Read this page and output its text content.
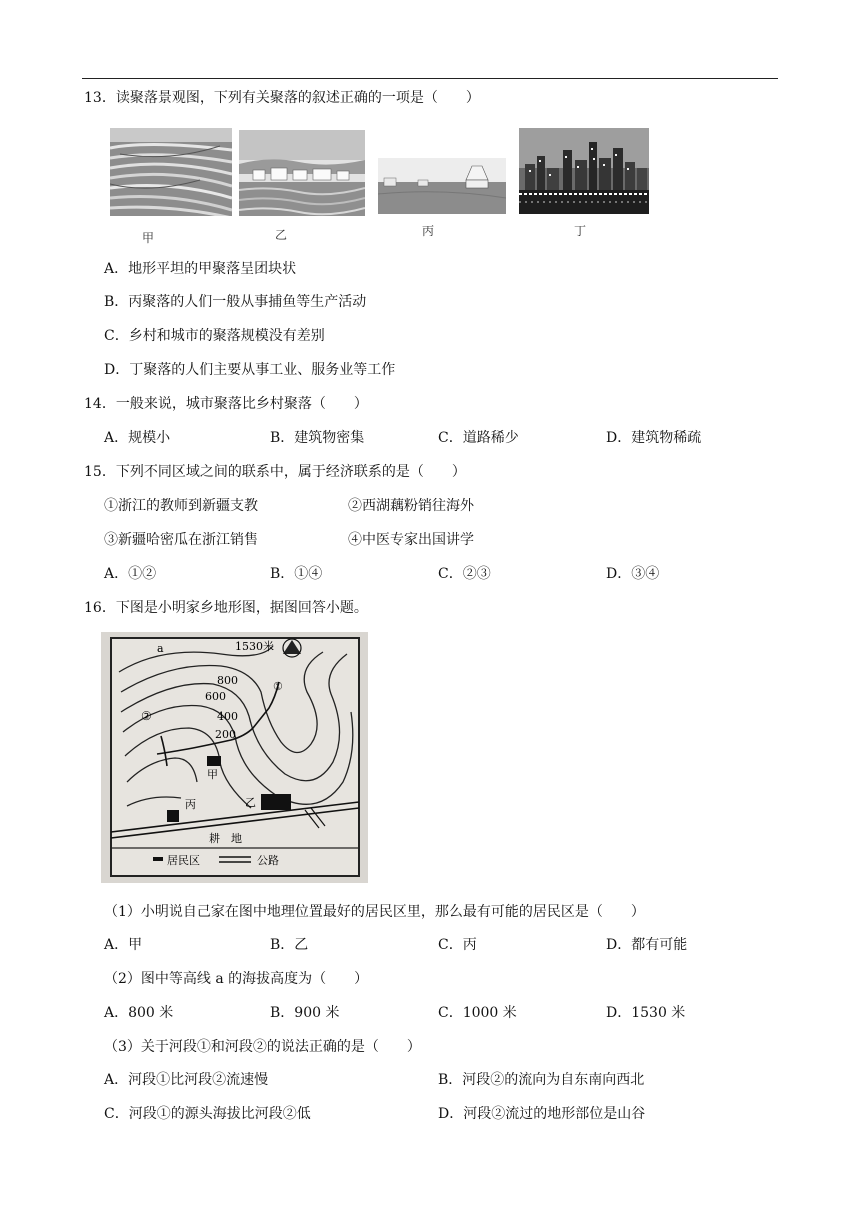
13．读聚落景观图，下列有关聚落的叙述正确的一项是（　　）
甲	乙	丙	丁
A．地形平坦的甲聚落呈团块状
B．丙聚落的人们一般从事捕鱼等生产活动
C．乡村和城市的聚落规模没有差别
D．丁聚落的人们主要从事工业、服务业等工作
14．一般来说，城市聚落比乡村聚落（　　）
A．规模小	B．建筑物密集	C．道路稀少	D．建筑物稀疏
15．下列不同区域之间的联系中，属于经济联系的是（　　）
①浙江的教师到新疆支教	②西湖藕粉销往海外
③新疆哈密瓜在浙江销售	④中医专家出国讲学
A．①②	B．①④	C．②③	D．③④
16．下图是小明家乡地形图，据图回答小题。
a	1530米
800
600
400
200
①
②
甲
乙
丙
耕　地
居民区	公路
（1）小明说自己家在图中地理位置最好的居民区里，那么最有可能的居民区是（　　）
A．甲	B．乙	C．丙	D．都有可能
（2）图中等高线 a 的海拔高度为（　　）
A．800 米	B．900 米	C．1000 米	D．1530 米
（3）关于河段①和河段②的说法正确的是（　　）
A．河段①比河段②流速慢	B．河段②的流向为自东南向西北
C．河段①的源头海拔比河段②低	D．河段②流过的地形部位是山谷
